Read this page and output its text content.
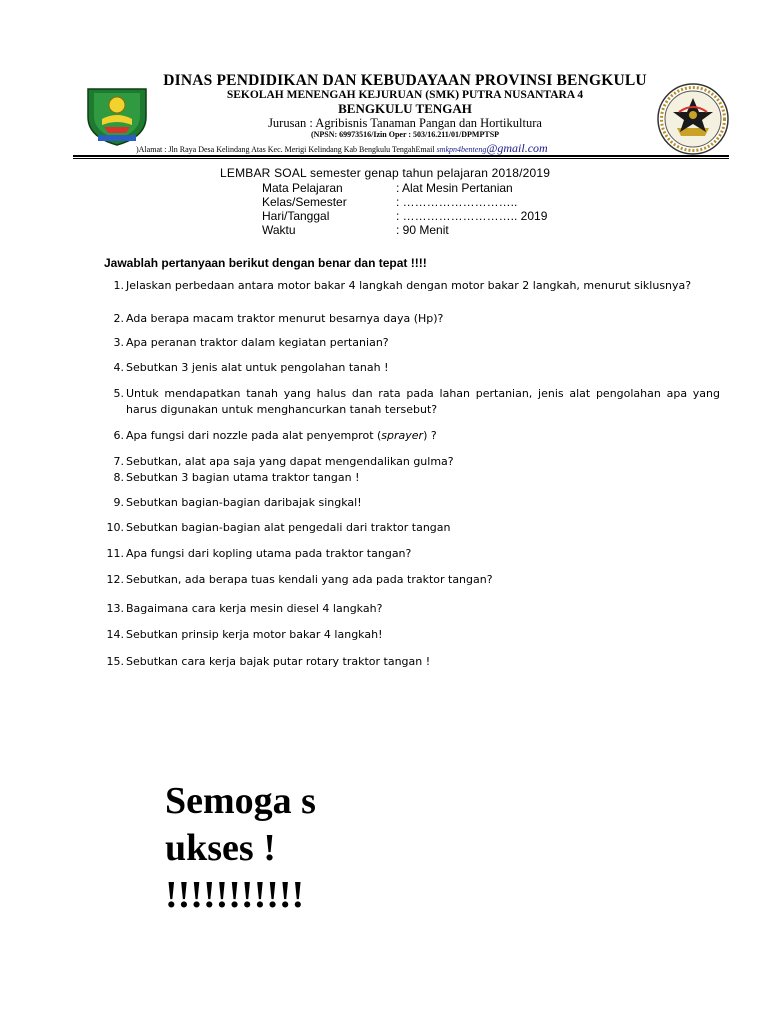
DINAS PENDIDIKAN DAN KEBUDAYAAN PROVINSI BENGKULU
SEKOLAH MENENGAH KEJURUAN (SMK) PUTRA NUSANTARA 4
BENGKULU TENGAH
Jurusan : Agribisnis Tanaman Pangan dan Hortikultura
(NPSN: 69973516/Izin Oper : 503/16.211/01/DPMPTSP
)Alamat : Jln Raya Desa Kelindang Atas Kec. Merigi Kelindang Kab Bengkulu TengahEmail smkpn4benteng@gmail.com
LEMBAR SOAL semester genap tahun pelajaran 2018/2019
Mata Pelajaran	: Alat Mesin Pertanian
Kelas/Semester	: ………………………..
Hari/Tanggal	: ……………………….. 2019
Waktu	: 90 Menit
Jawablah pertanyaan berikut dengan benar dan tepat !!!!
1. Jelaskan perbedaan antara motor bakar 4 langkah dengan motor bakar 2 langkah, menurut siklusnya?
2. Ada berapa macam traktor menurut besarnya daya (Hp)?
3. Apa peranan traktor dalam kegiatan pertanian?
4. Sebutkan 3 jenis alat untuk pengolahan tanah !
5. Untuk mendapatkan tanah yang halus dan rata pada lahan pertanian, jenis alat pengolahan apa yang harus digunakan untuk menghancurkan tanah tersebut?
6. Apa fungsi dari nozzle pada alat penyemprot (sprayer) ?
7. Sebutkan, alat apa saja yang dapat mengendalikan gulma?
8. Sebutkan 3 bagian utama traktor tangan !
9. Sebutkan bagian-bagian daribajak singkal!
10. Sebutkan bagian-bagian alat pengedali dari traktor tangan
11. Apa fungsi dari kopling utama pada traktor tangan?
12. Sebutkan, ada berapa tuas kendali yang ada pada traktor tangan?
13. Bagaimana cara kerja mesin diesel 4 langkah?
14. Sebutkan prinsip kerja motor bakar 4 langkah!
15. Sebutkan cara kerja bajak putar rotary traktor tangan !
Semoga sukses ! !!!!!!!!!!!
